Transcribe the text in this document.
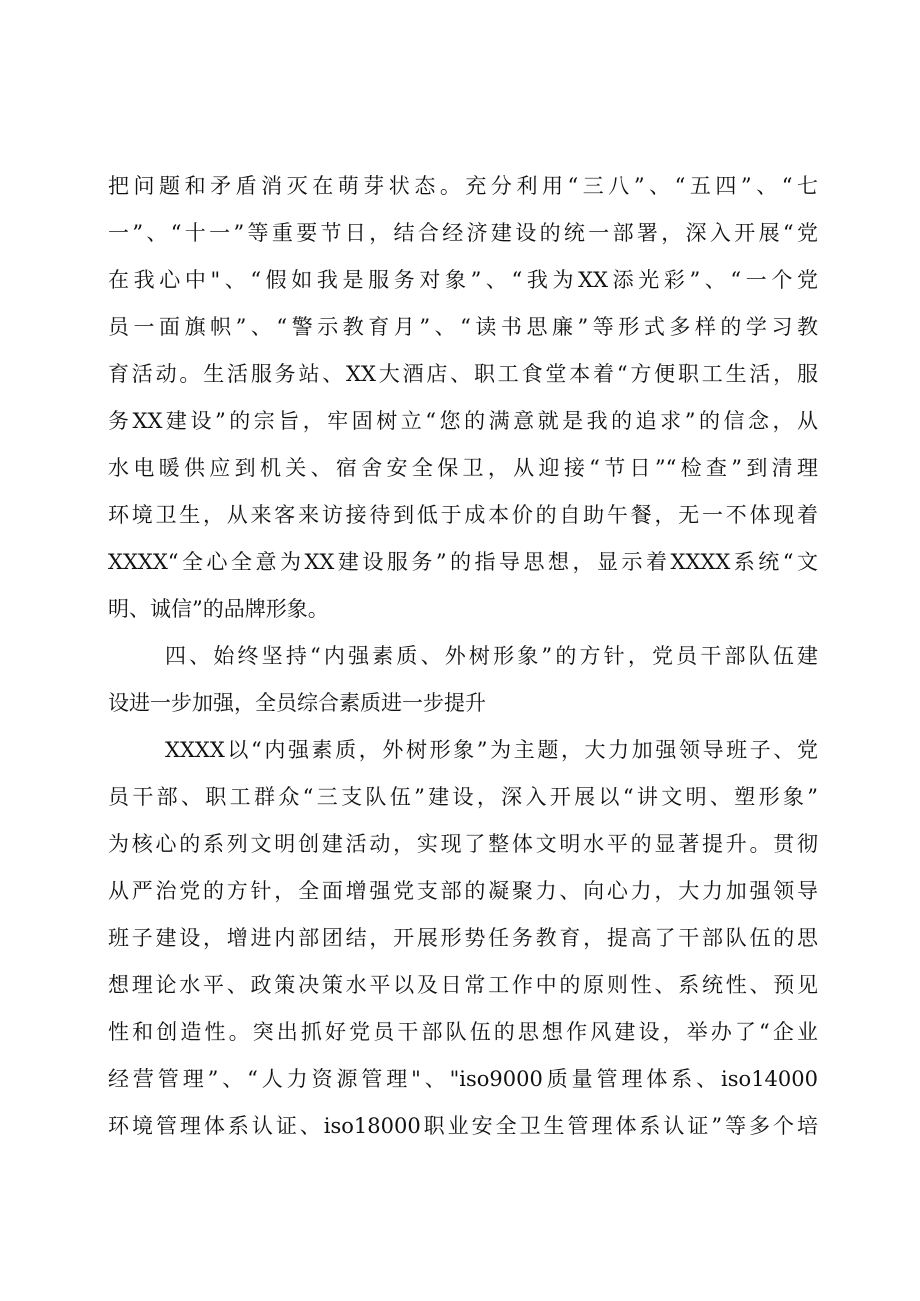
把问题和矛盾消灭在萌芽状态。充分利用“三八”、“五四”、“七
一”、“十一”等重要节日，结合经济建设的统一部署，深入开展“党
在我心中"、“假如我是服务对象”、“我为XX添光彩”、“一个党
员一面旗帜”、“警示教育月”、“读书思廉”等形式多样的学习教
育活动。生活服务站、XX大酒店、职工食堂本着“方便职工生活，服
务XX建设”的宗旨，牢固树立“您的满意就是我的追求”的信念，从
水电暖供应到机关、宿舍安全保卫，从迎接“节日”“检查”到清理
环境卫生，从来客来访接待到低于成本价的自助午餐，无一不体现着
XXXX“全心全意为XX建设服务”的指导思想，显示着XXXX系统“文
明、诚信”的品牌形象。
四、始终坚持“内强素质、外树形象”的方针，党员干部队伍建
设进一步加强，全员综合素质进一步提升
XXXX以“内强素质，外树形象”为主题，大力加强领导班子、党
员干部、职工群众“三支队伍”建设，深入开展以“讲文明、塑形象”
为核心的系列文明创建活动，实现了整体文明水平的显著提升。贯彻
从严治党的方针，全面增强党支部的凝聚力、向心力，大力加强领导
班子建设，增进内部团结，开展形势任务教育，提高了干部队伍的思
想理论水平、政策决策水平以及日常工作中的原则性、系统性、预见
性和创造性。突出抓好党员干部队伍的思想作风建设，举办了“企业
经营管理”、“人力资源管理"、"iso9000质量管理体系、iso14000
环境管理体系认证、iso18000职业安全卫生管理体系认证”等多个培
